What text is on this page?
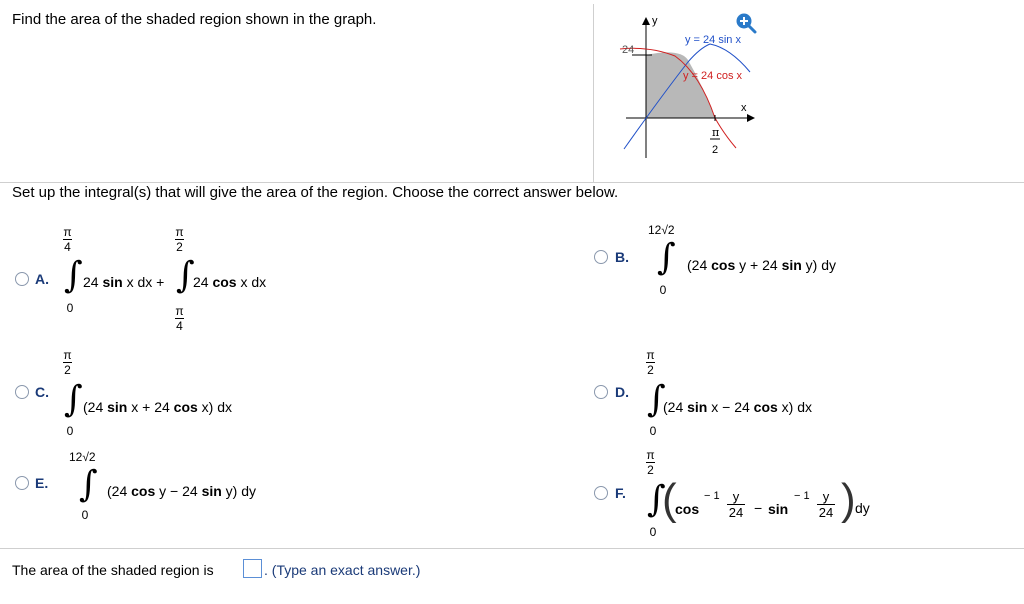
Find the area of the shaded region shown in the graph.
24
y
x
π
2
y = 24 sin x
y = 24 cos x
Set up the integral(s) that will give the area of the region. Choose the correct answer below.
A.
π
4
∫
0
24 sin x dx +
π
2
∫
π
4
24 cos x dx
B.
12√2
∫
0
(24 cos y + 24 sin y) dy
C.
π
2
∫
0
(24 sin x + 24 cos x) dx
D.
π
2
∫
0
(24 sin x − 24 cos x) dx
E.
12√2
∫
0
(24 cos y − 24 sin y) dy	F.
π
2
∫
0
(
cos
− 1 y
24 − sin
− 1 y
24 ) dy
The area of the shaded region is	. (Type an exact answer.)
